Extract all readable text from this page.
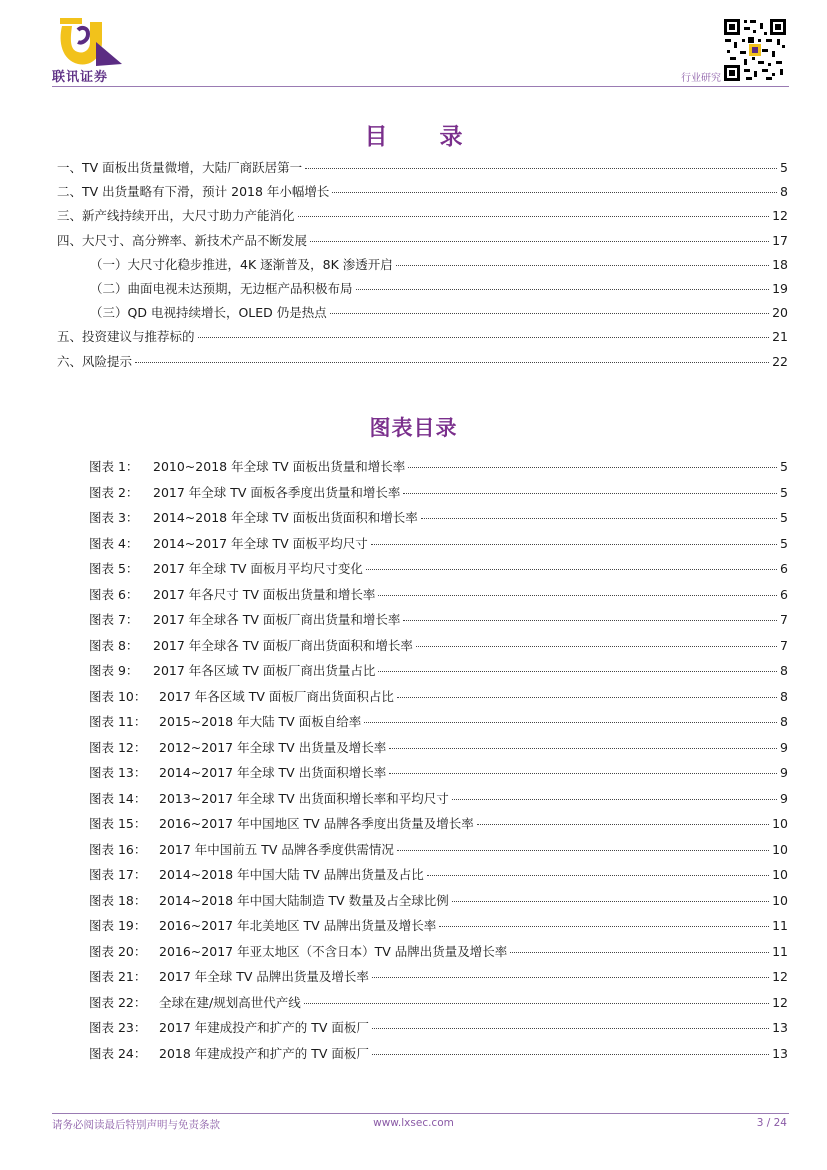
联讯证券	行业研究
目 录
图表目录
一、TV 面板出货量微增，大陆厂商跃居第一	5
二、TV 出货量略有下滑，预计 2018 年小幅增长	8
三、新产线持续开出，大尺寸助力产能消化	12
四、大尺寸、高分辨率、新技术产品不断发展	17
（一）大尺寸化稳步推进，4K 逐渐普及，8K 渗透开启	18
（二）曲面电视未达预期，无边框产品积极布局	19
（三）QD 电视持续增长，OLED 仍是热点	20
五、投资建议与推荐标的	21
六、风险提示	22
图表 1：	2010~2018 年全球 TV 面板出货量和增长率	5
图表 2：	2017 年全球 TV 面板各季度出货量和增长率	5
图表 3：	2014~2018 年全球 TV 面板出货面积和增长率	5
图表 4：	2014~2017 年全球 TV 面板平均尺寸	5
图表 5：	2017 年全球 TV 面板月平均尺寸变化	6
图表 6：	2017 年各尺寸 TV 面板出货量和增长率	6
图表 7：	2017 年全球各 TV 面板厂商出货量和增长率	7
图表 8：	2017 年全球各 TV 面板厂商出货面积和增长率	7
图表 9：	2017 年各区域 TV 面板厂商出货量占比	8
图表 10：	2017 年各区域 TV 面板厂商出货面积占比	8
图表 11：	2015~2018 年大陆 TV 面板自给率	8
图表 12：	2012~2017 年全球 TV 出货量及增长率	9
图表 13：	2014~2017 年全球 TV 出货面积增长率	9
图表 14：	2013~2017 年全球 TV 出货面积增长率和平均尺寸	9
图表 15：	2016~2017 年中国地区 TV 品牌各季度出货量及增长率	10
图表 16：	2017 年中国前五 TV 品牌各季度供需情况	10
图表 17：	2014~2018 年中国大陆 TV 品牌出货量及占比	10
图表 18：	2014~2018 年中国大陆制造 TV 数量及占全球比例	10
图表 19：	2016~2017 年北美地区 TV 品牌出货量及增长率	11
图表 20：	2016~2017 年亚太地区（不含日本）TV 品牌出货量及增长率	11
图表 21：	2017 年全球 TV 品牌出货量及增长率	12
图表 22：	全球在建/规划高世代产线	12
图表 23：	2017 年建成投产和扩产的 TV 面板厂	13
图表 24：	2018 年建成投产和扩产的 TV 面板厂	13
请务必阅读最后特别声明与免责条款	www.lxsec.com	3 / 24
